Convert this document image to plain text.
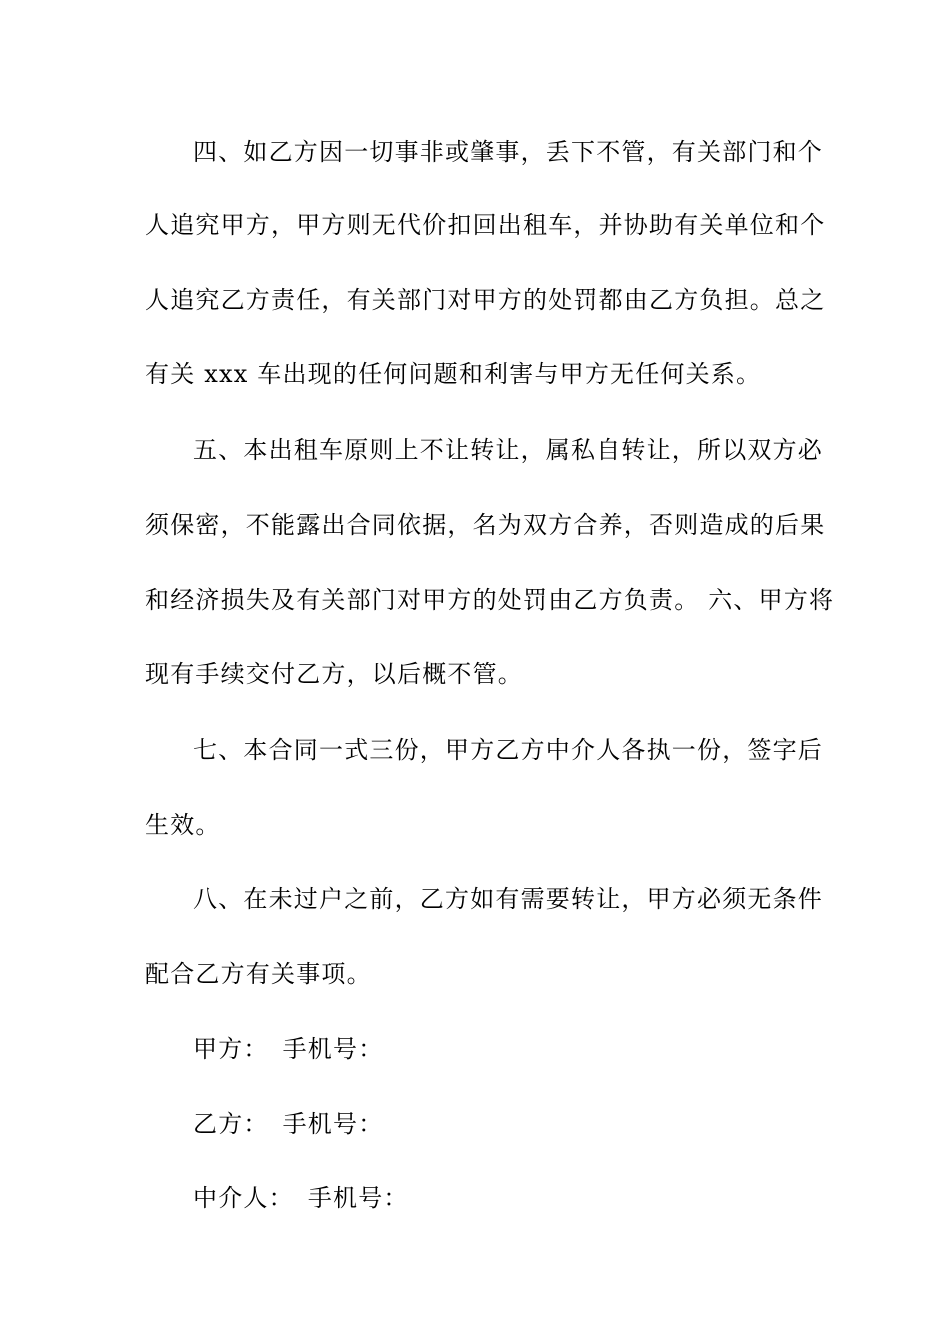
四、如乙方因一切事非或肇事，丢下不管，有关部门和个
人追究甲方，甲方则无代价扣回出租车，并协助有关单位和个
人追究乙方责任，有关部门对甲方的处罚都由乙方负担。总之
有关 xxx 车出现的任何问题和利害与甲方无任何关系。
五、本出租车原则上不让转让，属私自转让，所以双方必
须保密，不能露出合同依据，名为双方合养，否则造成的后果
和经济损失及有关部门对甲方的处罚由乙方负责。 六、甲方将
现有手续交付乙方，以后概不管。
七、本合同一式三份，甲方乙方中介人各执一份，签字后
生效。
八、在未过户之前，乙方如有需要转让，甲方必须无条件
配合乙方有关事项。
甲方： 手机号：
乙方： 手机号：
中介人： 手机号：
